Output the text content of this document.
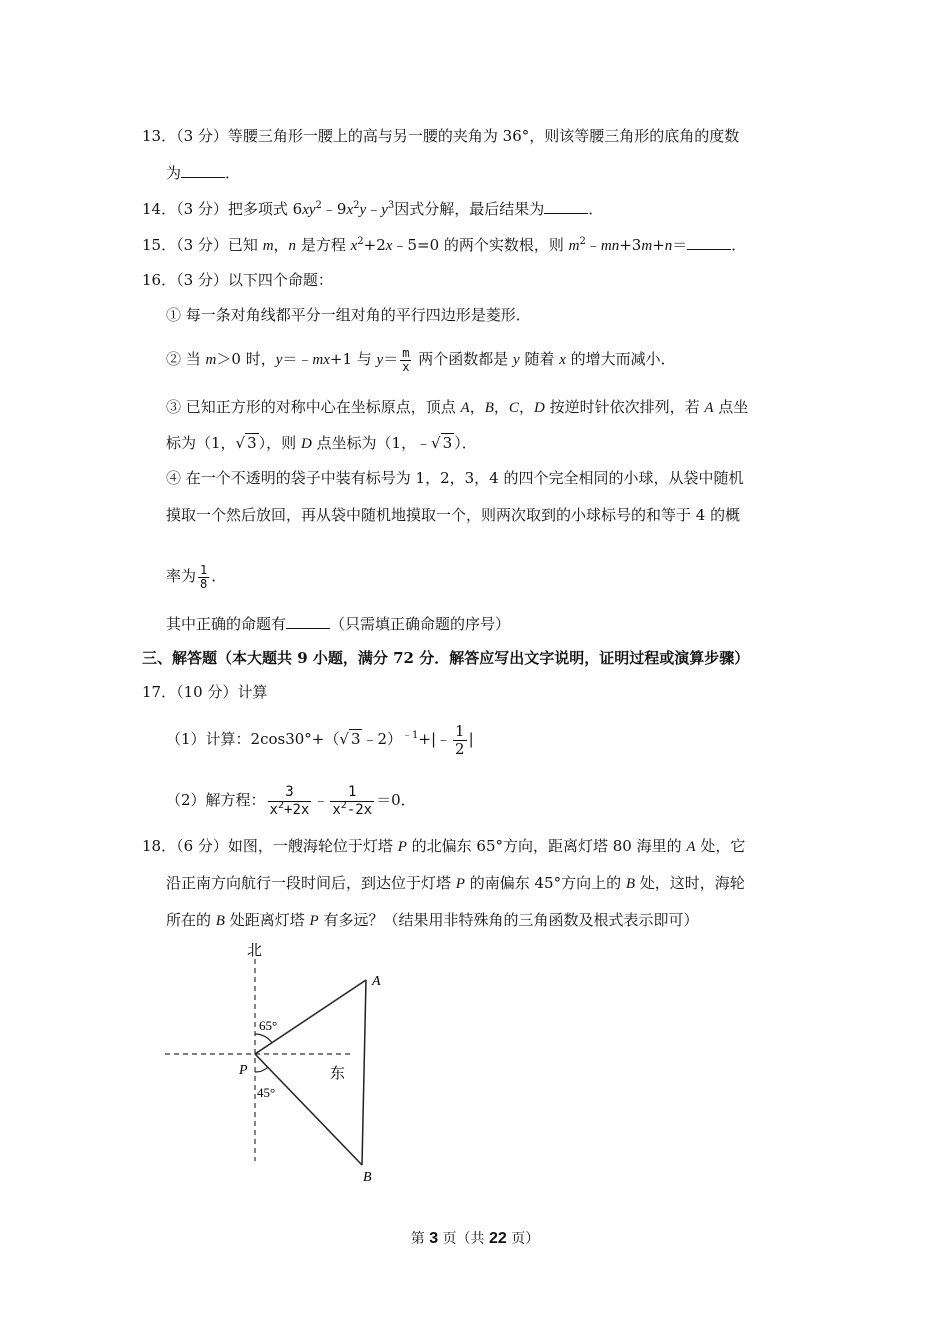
13．（3 分）等腰三角形一腰上的高与另一腰的夹角为 36°，则该等腰三角形的底角的度数
为	．
14．（3 分）把多项式 $6xy^2﹣9x^2y﹣y^3$因式分解，最后结果为	．
15．（3 分）已知 m，n 是方程 $x^2+2x﹣5=0$ 的两个实数根，则 $m^2﹣mn+3m+n=$	．
16．（3 分）以下四个命题：
① 每一条对角线都平分一组对角的平行四边形是菱形．
② 当 m＞0 时，y＝﹣mx+1 与 $y= \frac{m}{x}$ 两个函数都是 y 随着 x 的增大而减小．
③ 已知正方形的对称中心在坐标原点，顶点 A，B，C，D 按逆时针依次排列，若 A 点坐
标为（1，√ 3 ），则 D 点坐标为（1，﹣√ 3 ）．
④ 在一个不透明的袋子中装有标号为 1，2，3，4 的四个完全相同的小球，从袋中随机
摸取一个然后放回，再从袋中随机地摸取一个，则两次取到的小球标号的和等于 4 的概
率为 $\frac{1}{8}$ ．
其中正确的命题有	（只需填正确命题的序号）
三、解答题（本大题共 9 小题，满分 72 分．解答应写出文字说明，证明过程或演算步骤）
17．（10 分）计算
（1）计算：2cos30°+（√ 3 ﹣2）$^{﹣1}$+|﹣ $\frac{1}{2}$ |
（2）解方程： $\frac{3}{x^2+2x}$ ﹣ $\frac{1}{x^2-2x} =0$．
18．（6 分）如图，一艘海轮位于灯塔 P 的北偏东 65°方向，距离灯塔 80 海里的 A 处，它
沿正南方向航行一段时间后，到达位于灯塔 P 的南偏东 45°方向上的 B 处，这时，海轮
所在的 B 处距离灯塔 P 有多远？（结果用非特殊角的三角函数及根式表示即可）
北
东
P
A
B
65°
45°
第 3 页（共 22 页）
